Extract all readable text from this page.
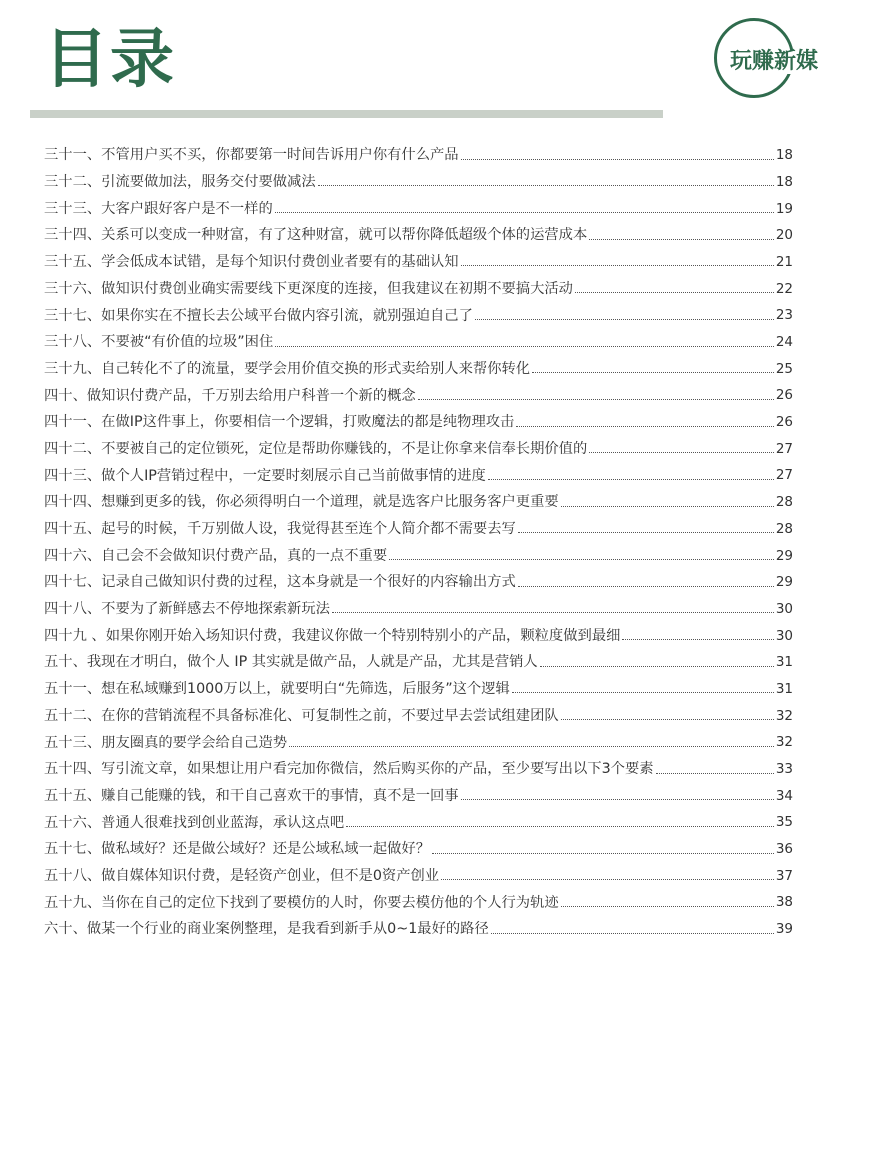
目录	玩赚新媒
三十一、不管用户买不买，你都要第一时间告诉用户你有什么产品	18
三十二、引流要做加法，服务交付要做减法	18
三十三、大客户跟好客户是不一样的	19
三十四、关系可以变成一种财富，有了这种财富，就可以帮你降低超级个体的运营成本	20
三十五、学会低成本试错，是每个知识付费创业者要有的基础认知	21
三十六、做知识付费创业确实需要线下更深度的连接，但我建议在初期不要搞大活动	22
三十七、如果你实在不擅长去公域平台做内容引流，就别强迫自己了	23
三十八、不要被“有价值的垃圾”困住	24
三十九、自己转化不了的流量，要学会用价值交换的形式卖给别人来帮你转化	25
四十、做知识付费产品，千万别去给用户科普一个新的概念	26
四十一、在做IP这件事上，你要相信一个逻辑，打败魔法的都是纯物理攻击	26
四十二、不要被自己的定位锁死，定位是帮助你赚钱的，不是让你拿来信奉长期价值的	27
四十三、做个人IP营销过程中，一定要时刻展示自己当前做事情的进度	27
四十四、想赚到更多的钱，你必须得明白一个道理，就是选客户比服务客户更重要	28
四十五、起号的时候，千万别做人设，我觉得甚至连个人简介都不需要去写	28
四十六、自己会不会做知识付费产品，真的一点不重要	29
四十七、记录自己做知识付费的过程，这本身就是一个很好的内容输出方式	29
四十八、不要为了新鲜感去不停地探索新玩法	30
四十九 、如果你刚开始入场知识付费，我建议你做一个特别特别小的产品，颗粒度做到最细	30
五十、我现在才明白，做个人 IP 其实就是做产品，人就是产品，尤其是营销人	31
五十一、想在私域赚到1000万以上，就要明白“先筛选，后服务”这个逻辑	31
五十二、在你的营销流程不具备标准化、可复制性之前，不要过早去尝试组建团队	32
五十三、朋友圈真的要学会给自己造势	32
五十四、写引流文章，如果想让用户看完加你微信，然后购买你的产品，至少要写出以下3个要素	33
五十五、赚自己能赚的钱，和干自己喜欢干的事情，真不是一回事	34
五十六、普通人很难找到创业蓝海，承认这点吧	35
五十七、做私域好？还是做公域好？还是公域私域一起做好？	36
五十八、做自媒体知识付费，是轻资产创业，但不是0资产创业	37
五十九、当你在自己的定位下找到了要模仿的人时，你要去模仿他的个人行为轨迹	38
六十、做某一个行业的商业案例整理，是我看到新手从0~1最好的路径	39
